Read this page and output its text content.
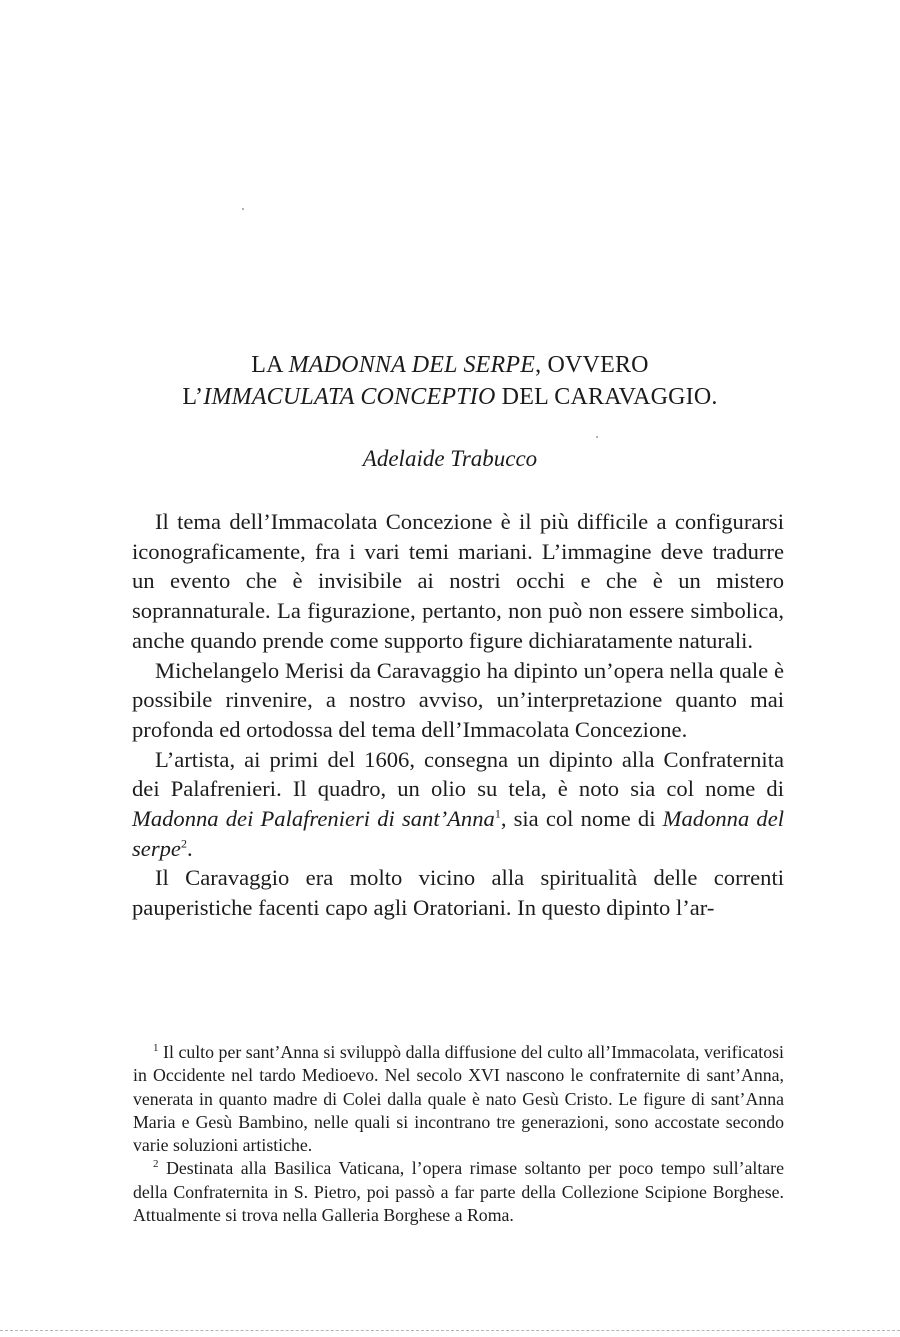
LA MADONNA DEL SERPE, OVVERO
L’IMMACULATA CONCEPTIO DEL CARAVAGGIO.
Adelaide Trabucco

Il tema dell’Immacolata Concezione è il più difficile a configurarsi iconograficamente, fra i vari temi mariani. L’immagine deve tradurre un evento che è invisibile ai nostri occhi e che è un mistero soprannaturale. La figurazione, pertanto, non può non essere simbolica, anche quando prende come supporto figure dichiaratamente naturali.

Michelangelo Merisi da Caravaggio ha dipinto un’opera nella quale è possibile rinvenire, a nostro avviso, un’interpretazione quanto mai profonda ed ortodossa del tema dell’Immacolata Concezione.

L’artista, ai primi del 1606, consegna un dipinto alla Confraternita dei Palafrenieri. Il quadro, un olio su tela, è noto sia col nome di Madonna dei Palafrenieri di sant’Anna$^1$, sia col nome di Madonna del serpe$^2$.

Il Caravaggio era molto vicino alla spiritualità delle correnti pauperistiche facenti capo agli Oratoriani. In questo dipinto l’ar-

$^1$ Il culto per sant’Anna si sviluppò dalla diffusione del culto all’Immacolata, verificatosi in Occidente nel tardo Medioevo. Nel secolo XVI nascono le confraternite di sant’Anna, venerata in quanto madre di Colei dalla quale è nato Gesù Cristo. Le figure di sant’Anna Maria e Gesù Bambino, nelle quali si incontrano tre generazioni, sono accostate secondo varie soluzioni artistiche.

$^2$ Destinata alla Basilica Vaticana, l’opera rimase soltanto per poco tempo sull’altare della Confraternita in S. Pietro, poi passò a far parte della Collezione Scipione Borghese. Attualmente si trova nella Galleria Borghese a Roma.
